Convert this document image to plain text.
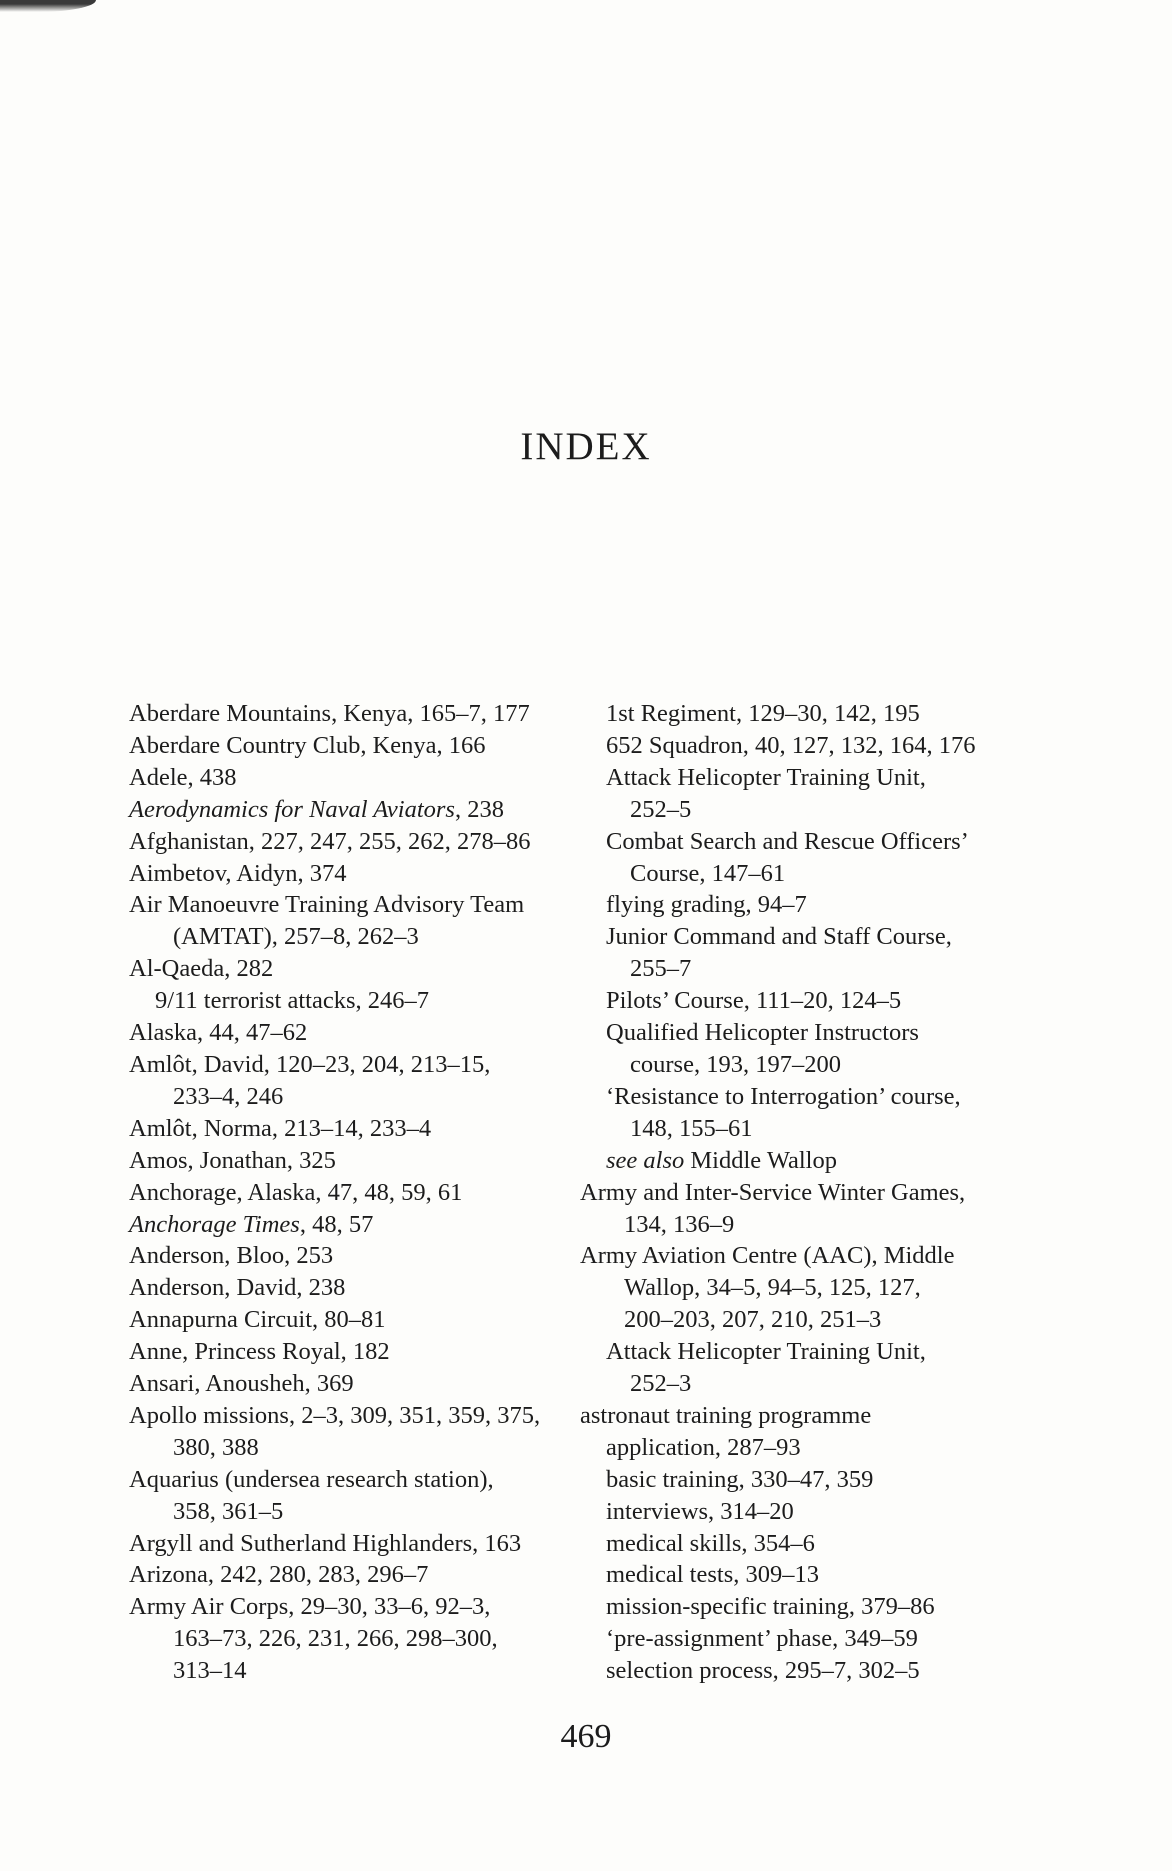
INDEX
Aberdare Mountains, Kenya, 165–7, 177
Aberdare Country Club, Kenya, 166
Adele, 438
Aerodynamics for Naval Aviators, 238
Afghanistan, 227, 247, 255, 262, 278–86
Aimbetov, Aidyn, 374
Air Manoeuvre Training Advisory Team
(AMTAT), 257–8, 262–3
Al-Qaeda, 282
9/11 terrorist attacks, 246–7
Alaska, 44, 47–62
Amlôt, David, 120–23, 204, 213–15,
233–4, 246
Amlôt, Norma, 213–14, 233–4
Amos, Jonathan, 325
Anchorage, Alaska, 47, 48, 59, 61
Anchorage Times, 48, 57
Anderson, Bloo, 253
Anderson, David, 238
Annapurna Circuit, 80–81
Anne, Princess Royal, 182
Ansari, Anousheh, 369
Apollo missions, 2–3, 309, 351, 359, 375,
380, 388
Aquarius (undersea research station),
358, 361–5
Argyll and Sutherland Highlanders, 163
Arizona, 242, 280, 283, 296–7
Army Air Corps, 29–30, 33–6, 92–3,
163–73, 226, 231, 266, 298–300,
313–14
1st Regiment, 129–30, 142, 195
652 Squadron, 40, 127, 132, 164, 176
Attack Helicopter Training Unit,
252–5
Combat Search and Rescue Officers’
Course, 147–61
flying grading, 94–7
Junior Command and Staff Course,
255–7
Pilots’ Course, 111–20, 124–5
Qualified Helicopter Instructors
course, 193, 197–200
‘Resistance to Interrogation’ course,
148, 155–61
see also Middle Wallop
Army and Inter-Service Winter Games,
134, 136–9
Army Aviation Centre (AAC), Middle
Wallop, 34–5, 94–5, 125, 127,
200–203, 207, 210, 251–3
Attack Helicopter Training Unit,
252–3
astronaut training programme
application, 287–93
basic training, 330–47, 359
interviews, 314–20
medical skills, 354–6
medical tests, 309–13
mission-specific training, 379–86
‘pre-assignment’ phase, 349–59
selection process, 295–7, 302–5
469
